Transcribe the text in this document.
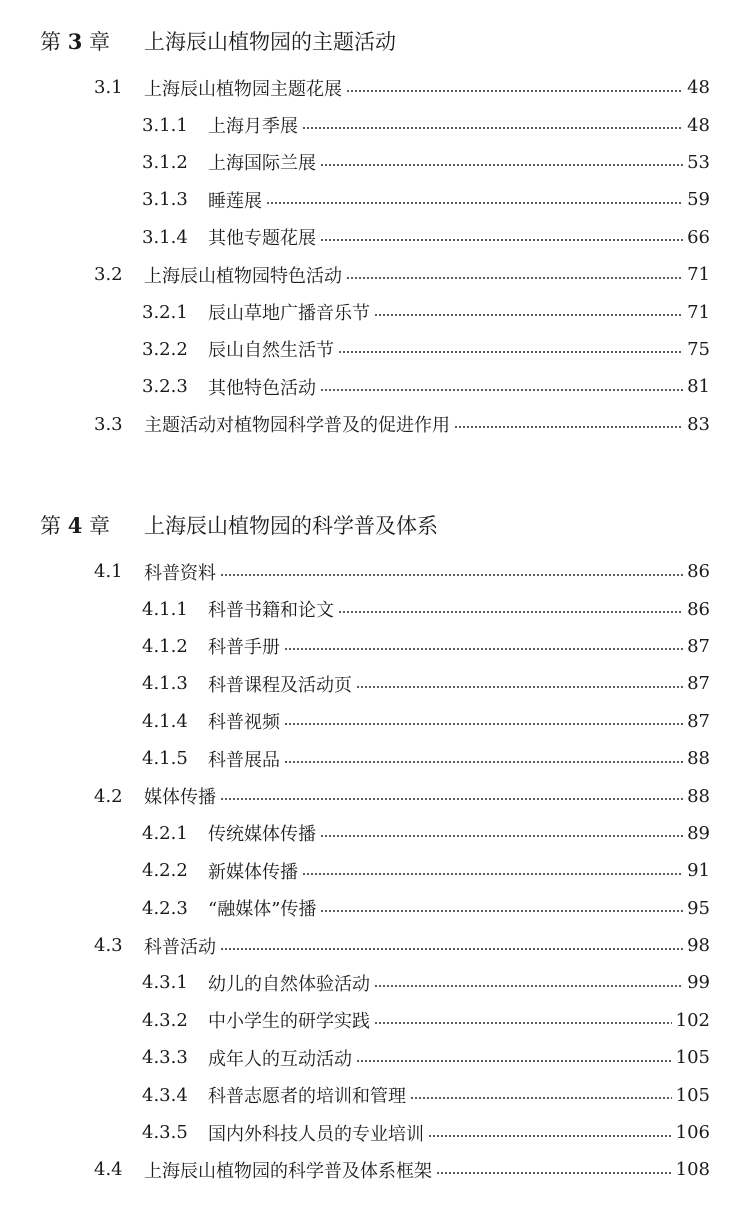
第 3 章	上海辰山植物园的主题活动
3.1	上海辰山植物园主题花展	48
3.1.1	上海月季展	48
3.1.2	上海国际兰展	53
3.1.3	睡莲展	59
3.1.4	其他专题花展	66
3.2	上海辰山植物园特色活动	71
3.2.1	辰山草地广播音乐节	71
3.2.2	辰山自然生活节	75
3.2.3	其他特色活动	81
3.3	主题活动对植物园科学普及的促进作用	83
第 4 章	上海辰山植物园的科学普及体系
4.1	科普资料	86
4.1.1	科普书籍和论文	86
4.1.2	科普手册	87
4.1.3	科普课程及活动页	87
4.1.4	科普视频	87
4.1.5	科普展品	88
4.2	媒体传播	88
4.2.1	传统媒体传播	89
4.2.2	新媒体传播	91
4.2.3	“融媒体”传播	95
4.3	科普活动	98
4.3.1	幼儿的自然体验活动	99
4.3.2	中小学生的研学实践	102
4.3.3	成年人的互动活动	105
4.3.4	科普志愿者的培训和管理	105
4.3.5	国内外科技人员的专业培训	106
4.4	上海辰山植物园的科学普及体系框架	108
